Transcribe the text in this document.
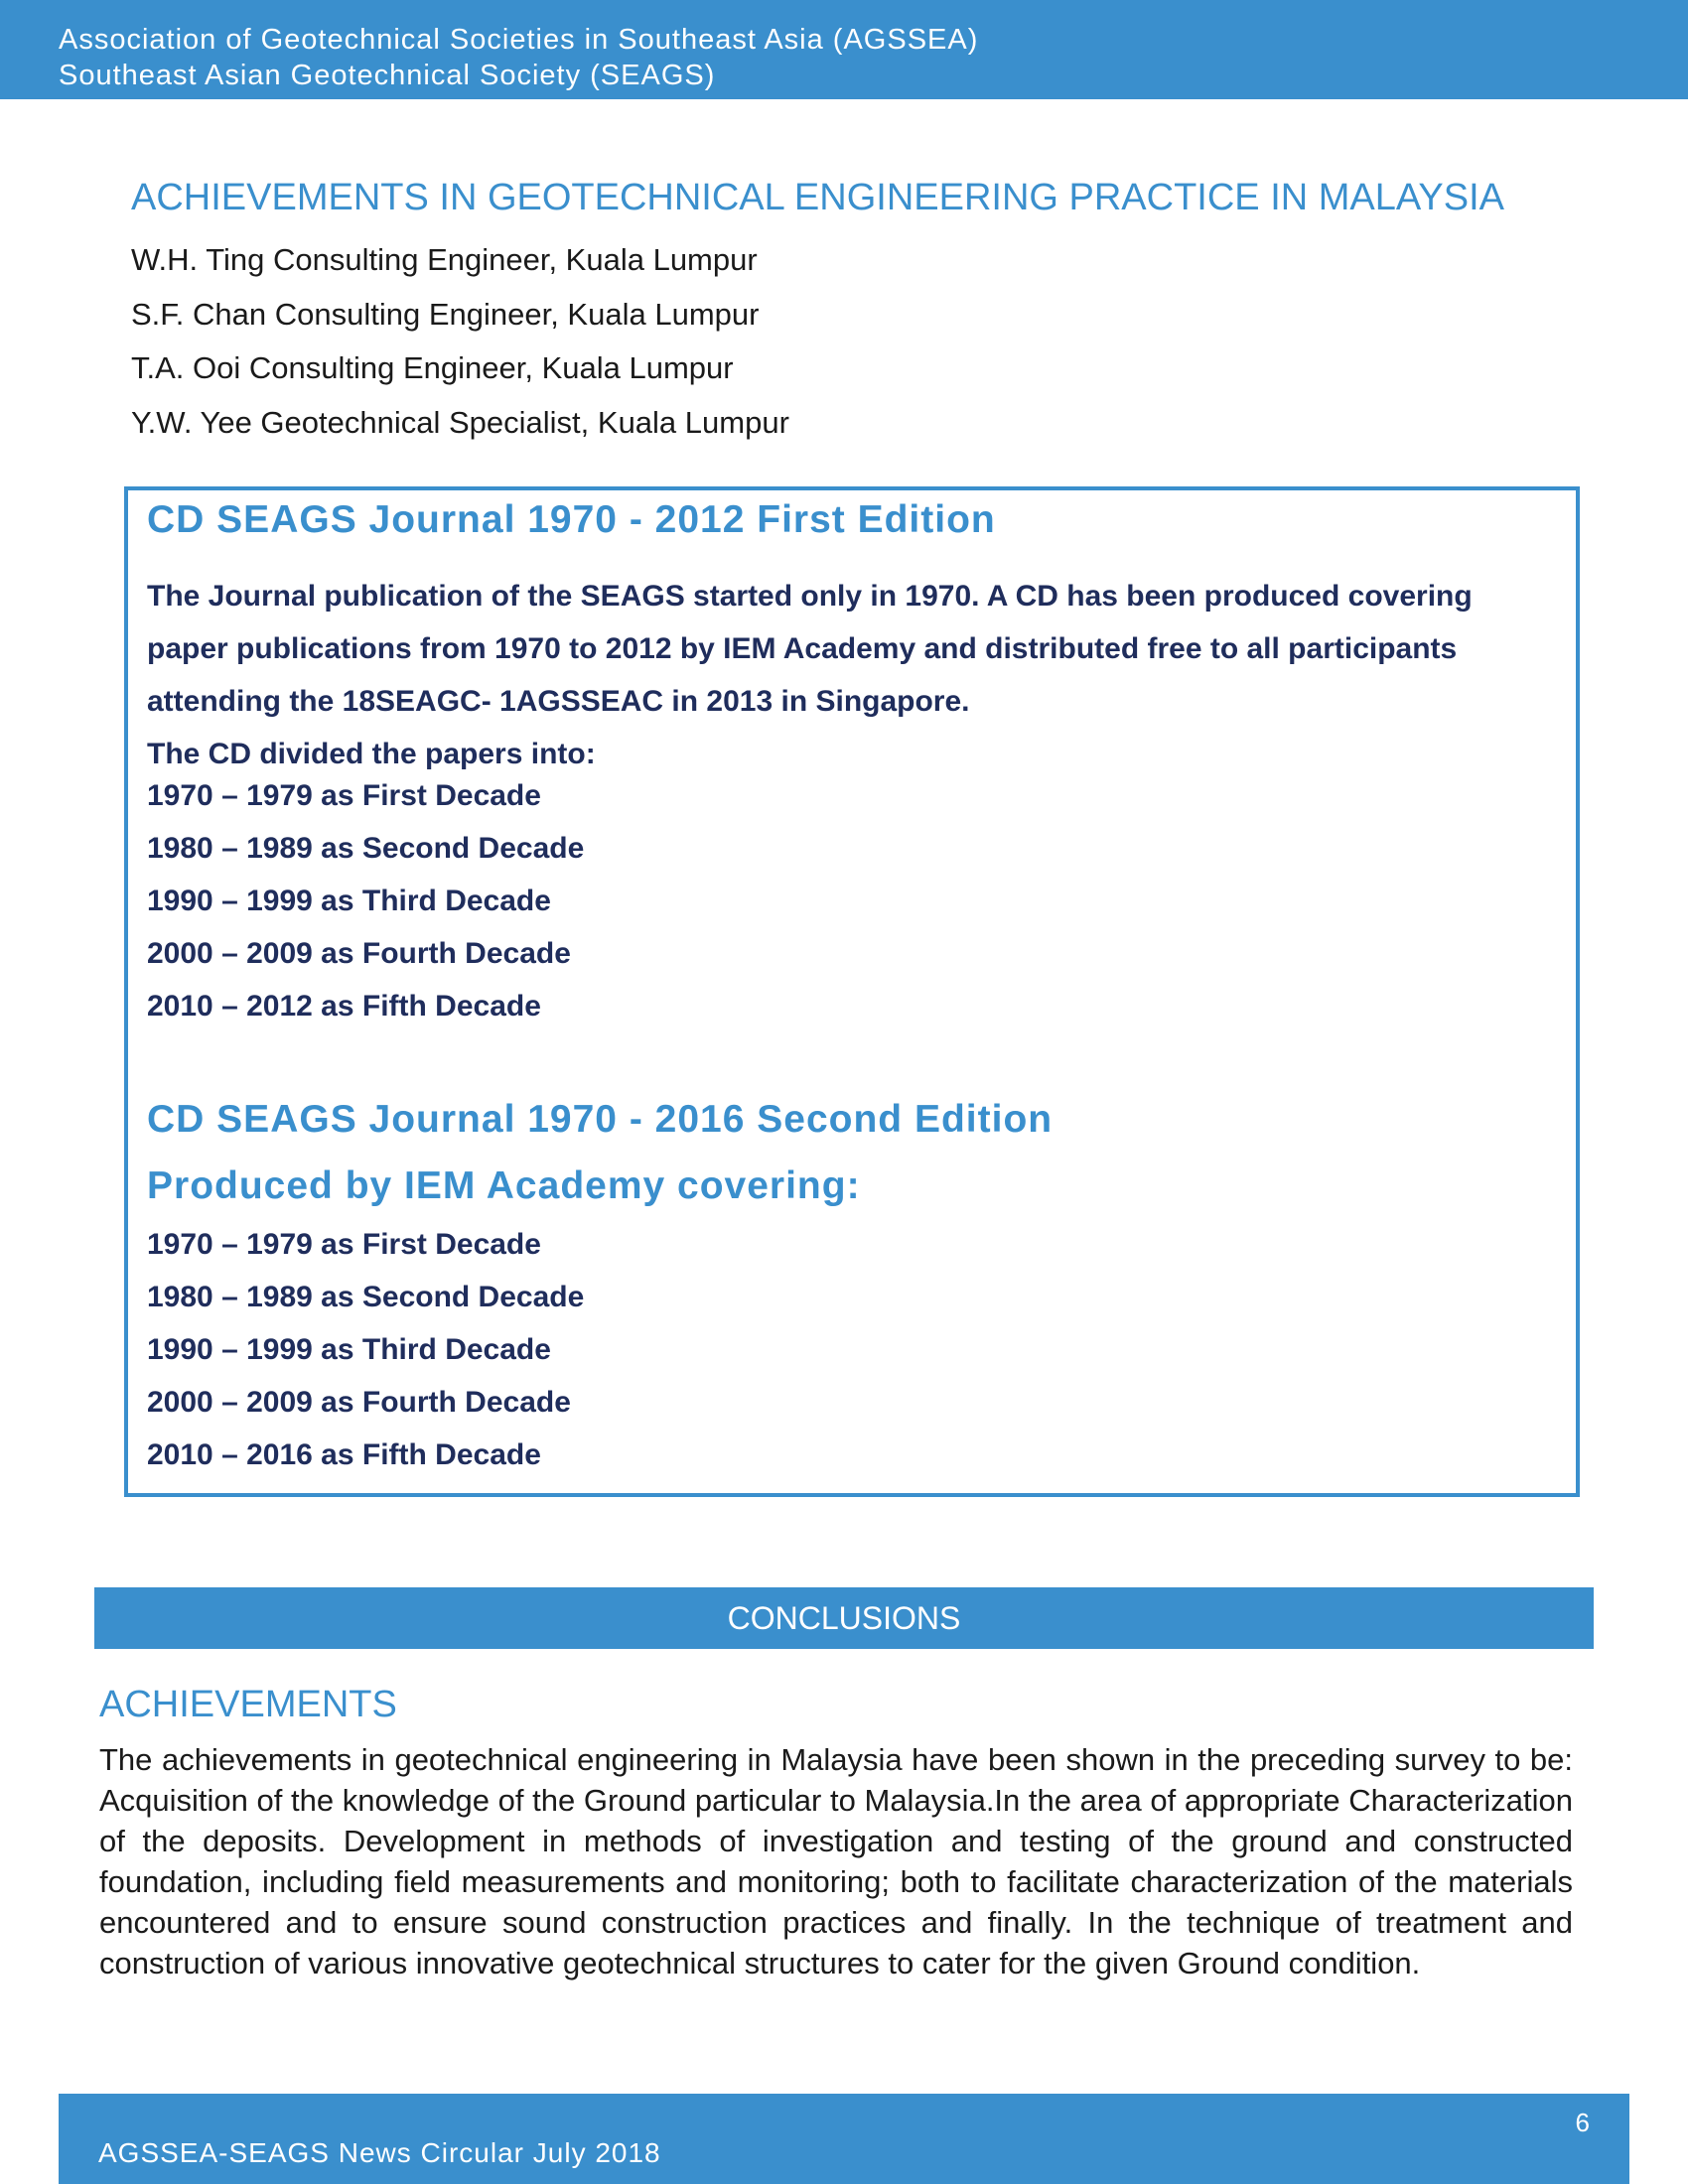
Association of Geotechnical Societies in Southeast Asia (AGSSEA)
Southeast Asian Geotechnical Society (SEAGS)
ACHIEVEMENTS IN GEOTECHNICAL ENGINEERING PRACTICE IN MALAYSIA
W.H. Ting Consulting Engineer, Kuala Lumpur
S.F. Chan Consulting Engineer, Kuala Lumpur
T.A. Ooi Consulting Engineer, Kuala Lumpur
Y.W. Yee Geotechnical Specialist, Kuala Lumpur
CD SEAGS Journal 1970 - 2012 First Edition

The Journal publication of the SEAGS started only in 1970. A CD has been produced covering paper publications from 1970 to 2012 by IEM Academy and distributed free to all participants attending the 18SEAGC- 1AGSSEAC in 2013 in Singapore.
The CD divided the papers into:

1970 – 1979 as First Decade
1980 – 1989 as Second Decade
1990 – 1999 as Third Decade
2000 – 2009 as Fourth Decade
2010 – 2012 as Fifth Decade
CD SEAGS Journal 1970 - 2016 Second Edition
Produced by IEM Academy covering:
1970 – 1979 as First Decade
1980 – 1989 as Second Decade
1990 – 1999 as Third Decade
2000 – 2009 as Fourth Decade
2010 – 2016 as Fifth Decade
CONCLUSIONS
ACHIEVEMENTS

The achievements in geotechnical engineering in Malaysia have been shown in the preceding survey to be: Acquisition of the knowledge of the Ground particular to Malaysia.In the area of appropriate Characterization of the deposits. Development in methods of investigation and testing of the ground and constructed foundation, including field measurements and monitoring; both to facilitate characterization of the materials encountered and to ensure sound construction practices and finally. In the technique of treatment and construction of various innovative geotechnical structures to cater for the given Ground condition.

AGSSEA-SEAGS News Circular July 2018
6
